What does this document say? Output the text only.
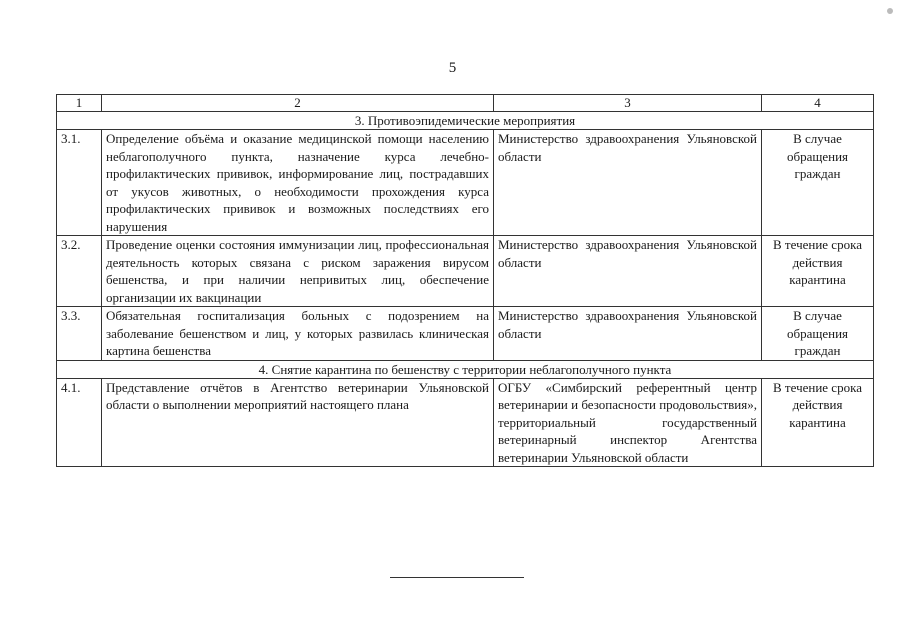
5
1	2	3	4
3. Противоэпидемические мероприятия			
3.1.	Определение объёма и оказание медицинской помощи населению неблагополучного пункта, назначение курса лечебно-профилактических прививок, информирование лиц, пострадавших от укусов животных, о необходимости прохождения курса профилактических прививок и возможных последствиях его нарушения	Министерство здравоохранения Ульяновской области	В случае обращения граждан
3.2.	Проведение оценки состояния иммунизации лиц, профессиональная деятельность которых связана с риском заражения вирусом бешенства, и при наличии непривитых лиц, обеспечение организации их вакцинации	Министерство здравоохранения Ульяновской области	В течение срока действия карантина
3.3.	Обязательная госпитализация больных с подозрением на заболевание бешенством и лиц, у которых развилась клиническая картина бешенства	Министерство здравоохранения Ульяновской области	В случае обращения граждан
4. Снятие карантина по бешенству с территории неблагополучного пункта			
4.1.	Представление отчётов в Агентство ветеринарии Ульяновской области о выполнении мероприятий настоящего плана	ОГБУ «Симбирский референтный центр ветеринарии и безопасности продовольствия», территориальный государственный ветеринарный инспектор Агентства ветеринарии Ульяновской области	В течение срока действия карантина
